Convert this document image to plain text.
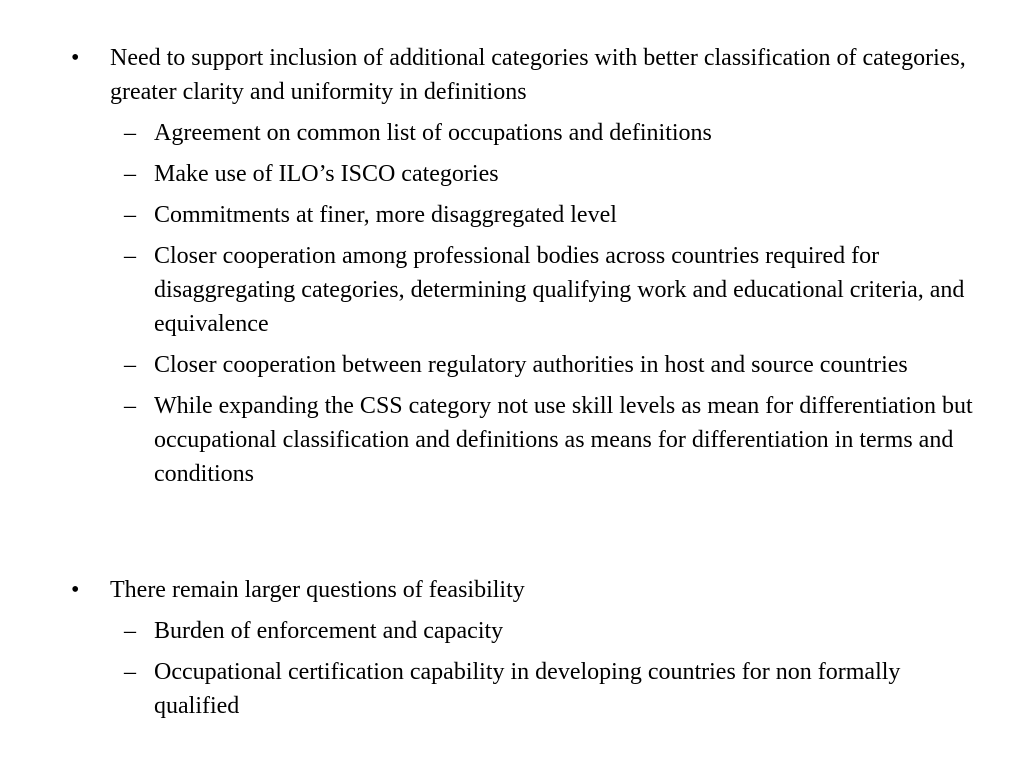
• Need to support inclusion of additional categories with better classification of categories, greater clarity and uniformity in definitions

– Agreement on common list of occupations and definitions

– Make use of ILO’s ISCO categories

– Commitments at finer, more disaggregated level

– Closer cooperation among professional bodies across countries required for disaggregating categories, determining qualifying work and educational criteria, and equivalence

– Closer cooperation between regulatory authorities in host and source countries

– While expanding the CSS category not use skill levels as mean for differentiation but occupational classification and definitions as means for differentiation in terms and conditions

• There remain larger questions of feasibility

– Burden of enforcement and capacity

– Occupational certification capability in developing countries for non formally qualified
